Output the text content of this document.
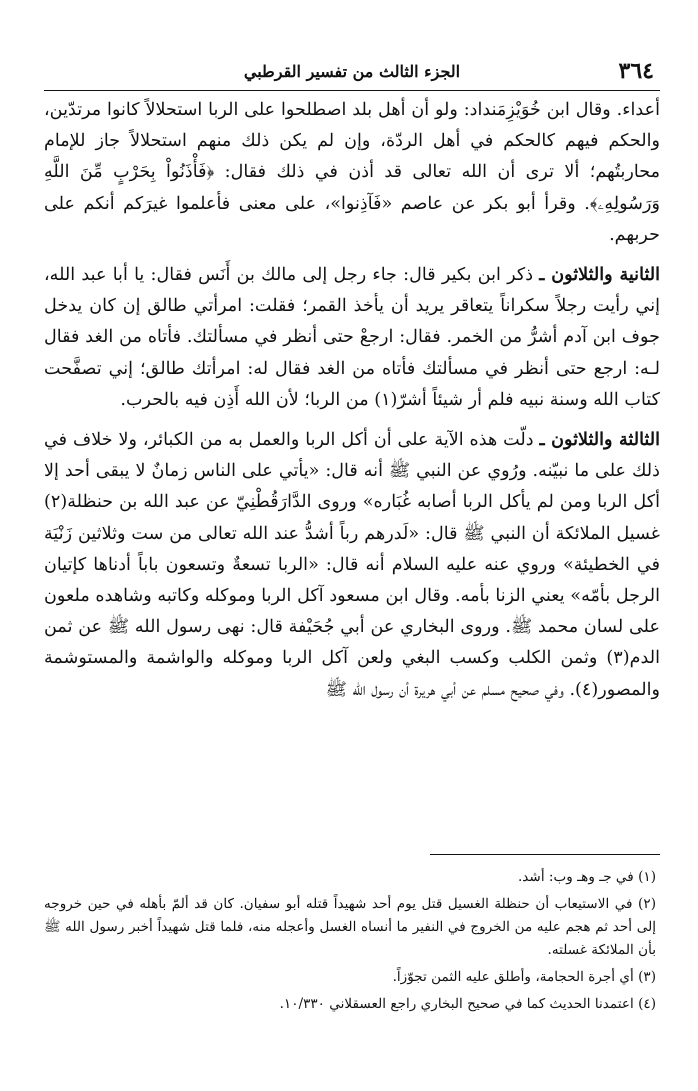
٣٦٤
الجزء الثالث من تفسير القرطبي

أعداء. وقال ابن خُوَيْزِمَنداد: ولو أن أهل بلد اصطلحوا على الربا استحلالاً كانوا مرتدّين، والحكم فيهم كالحكم في أهل الردّة، وإن لم يكن ذلك منهم استحلالاً جاز للإمام محاربتُهم؛ ألا ترى أن الله تعالى قد أذن في ذلك فقال: ﴿فَأْذَنُواْ بِحَرْبٍ مِّنَ اللَّهِ وَرَسُولِهِۦ﴾. وقرأ أبو بكر عن عاصم «فَآذِنوا»، على معنى فأعلموا غيرَكم أنكم على حربهم.

الثانية والثلاثون ـ ذكر ابن بكير قال: جاء رجل إلى مالك بن أَنَس فقال: يا أبا عبد الله، إني رأيت رجلاً سكراناً يتعاقر يريد أن يأخذ القمر؛ فقلت: امرأتي طالق إن كان يدخل جوف ابن آدم أشرُّ من الخمر. فقال: ارجعْ حتى أنظر في مسألتك. فأتاه من الغد فقال لـه: ارجع حتى أنظر في مسألتك فأتاه من الغد فقال له: امرأتك طالق؛ إني تصفَّحت كتاب الله وسنة نبيه فلم أر شيئاً أشرّ(١) من الربا؛ لأن الله أَذِن فيه بالحرب.

الثالثة والثلاثون ـ دلّت هذه الآية على أن أكل الربا والعمل به من الكبائر، ولا خلاف في ذلك على ما نبيّنه. ورُوي عن النبي ﷺ أنه قال: «يأتي على الناس زمانٌ لا يبقى أحد إلا أكل الربا ومن لم يأكل الربا أصابه غُبَاره» وروى الدَّارَقُطْنِيّ عن عبد الله بن حنظلة(٢) غسيل الملائكة أن النبي ﷺ قال: «لَدرهم رباً أشدُّ عند الله تعالى من ست وثلاثين زَنْيَة في الخطيئة» وروي عنه عليه السلام أنه قال: «الربا تسعةٌ وتسعون باباً أدناها كإتيان الرجل بأمّه» يعني الزنا بأمه. وقال ابن مسعود آكل الربا وموكله وكاتبه وشاهده ملعون على لسان محمد ﷺ. وروى البخاري عن أبي جُحَيْفة قال: نهى رسول الله ﷺ عن ثمن الدم(٣) وثمن الكلب وكسب البغي ولعن آكل الربا وموكله والواشمة والمستوشمة والمصور(٤). وفي صحيح مسلم عن أبي هريرة أن رسول الله ﷺ

(١) في جـ وهـ وب: أشد.
(٢) في الاستيعاب أن حنظلة الغسيل قتل يوم أحد شهيداً قتله أبو سفيان. كان قد ألمّ بأهله في حين خروجه إلى أحد ثم هجم عليه من الخروج في النفير ما أنساه الغسل وأعجله منه، فلما قتل شهيداً أخبر رسول الله ﷺ بأن الملائكة غسلته.
(٣) أي أجرة الحجامة، وأطلق عليه الثمن تجوّزاً.
(٤) اعتمدنا الحديث كما في صحيح البخاري راجع العسقلاني ١٠/٣٣٠.
